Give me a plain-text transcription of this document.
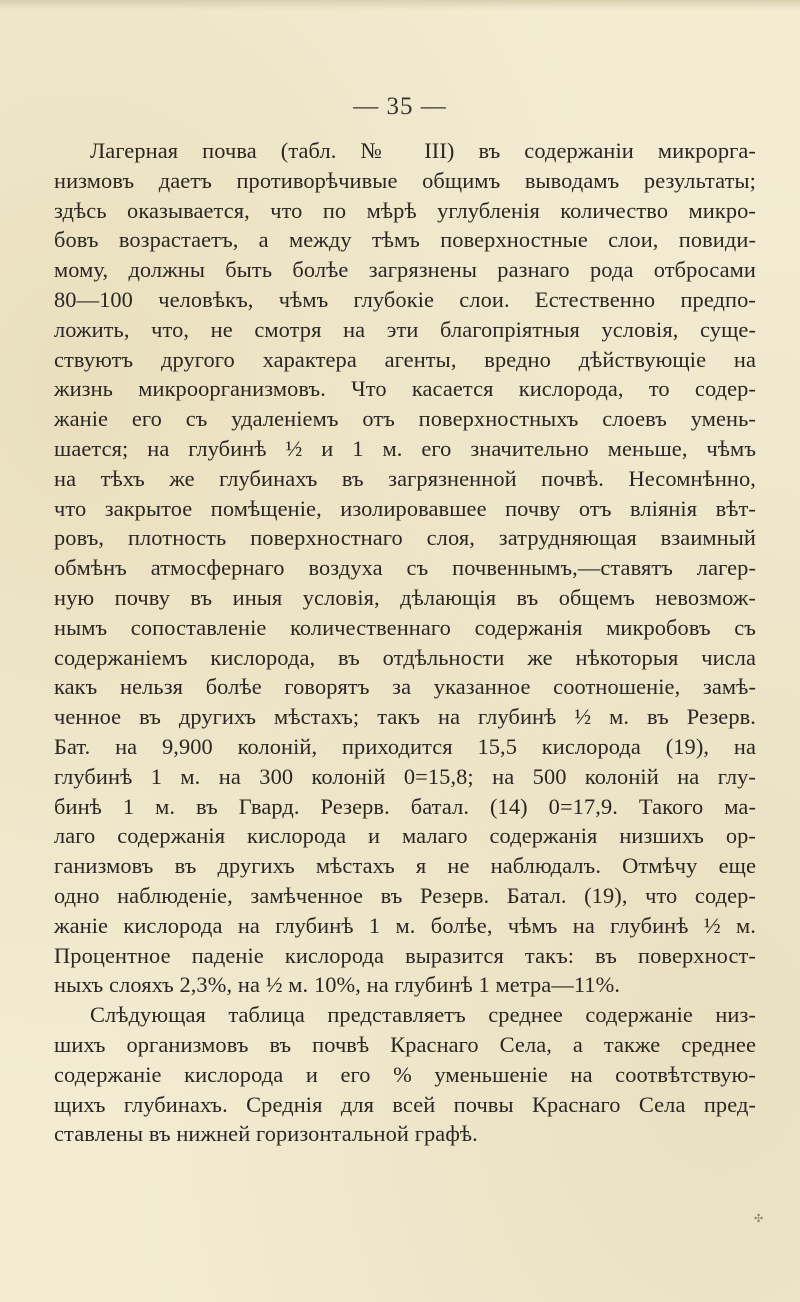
— 35 —
Лагерная почва (табл. № III) въ содержаніи микрорга-
низмовъ даетъ противорѣчивые общимъ выводамъ результаты;
здѣсь оказывается, что по мѣрѣ углубленія количество микро-
бовъ возрастаетъ, а между тѣмъ поверхностные слои, повиди-
мому, должны быть болѣе загрязнены разнаго рода отбросами
80—100 человѣкъ, чѣмъ глубокіе слои. Естественно предпо-
ложить, что, не смотря на эти благопріятныя условія, суще-
ствуютъ другого характера агенты, вредно дѣйствующіе на
жизнь микроорганизмовъ. Что касается кислорода, то содер-
жаніе его съ удаленіемъ отъ поверхностныхъ слоевъ умень-
шается; на глубинѣ ½ и 1 м. его значительно меньше, чѣмъ
на тѣхъ же глубинахъ въ загрязненной почвѣ. Несомнѣнно,
что закрытое помѣщеніе, изолировавшее почву отъ вліянія вѣт-
ровъ, плотность поверхностнаго слоя, затрудняющая взаимный
обмѣнъ атмосфернаго воздуха съ почвеннымъ,—ставятъ лагер-
ную почву въ иныя условія, дѣлающія въ общемъ невозмож-
нымъ сопоставленіе количественнаго содержанія микробовъ съ
содержаніемъ кислорода, въ отдѣльности же нѣкоторыя числа
какъ нельзя болѣе говорятъ за указанное соотношеніе, замѣ-
ченное въ другихъ мѣстахъ; такъ на глубинѣ ½ м. въ Резерв.
Бат. на 9,900 колоній, приходится 15,5 кислорода (19), на
глубинѣ 1 м. на 300 колоній 0=15,8; на 500 колоній на глу-
бинѣ 1 м. въ Гвард. Резерв. батал. (14) 0=17,9. Такого ма-
лаго содержанія кислорода и малаго содержанія низшихъ ор-
ганизмовъ въ другихъ мѣстахъ я не наблюдалъ. Отмѣчу еще
одно наблюденіе, замѣченное въ Резерв. Батал. (19), что содер-
жаніе кислорода на глубинѣ 1 м. болѣе, чѣмъ на глубинѣ ½ м.
Процентное паденіе кислорода выразится такъ: въ поверхност-
ныхъ слояхъ 2,3%, на ½ м. 10%, на глубинѣ 1 метра—11%.
Слѣдующая таблица представляетъ среднее содержаніе низ-
шихъ организмовъ въ почвѣ Краснаго Села, а также среднее
содержаніе кислорода и его % уменьшеніе на соотвѣтствую-
щихъ глубинахъ. Среднія для всей почвы Краснаго Села пред-
ставлены въ нижней горизонтальной графѣ.
✣
